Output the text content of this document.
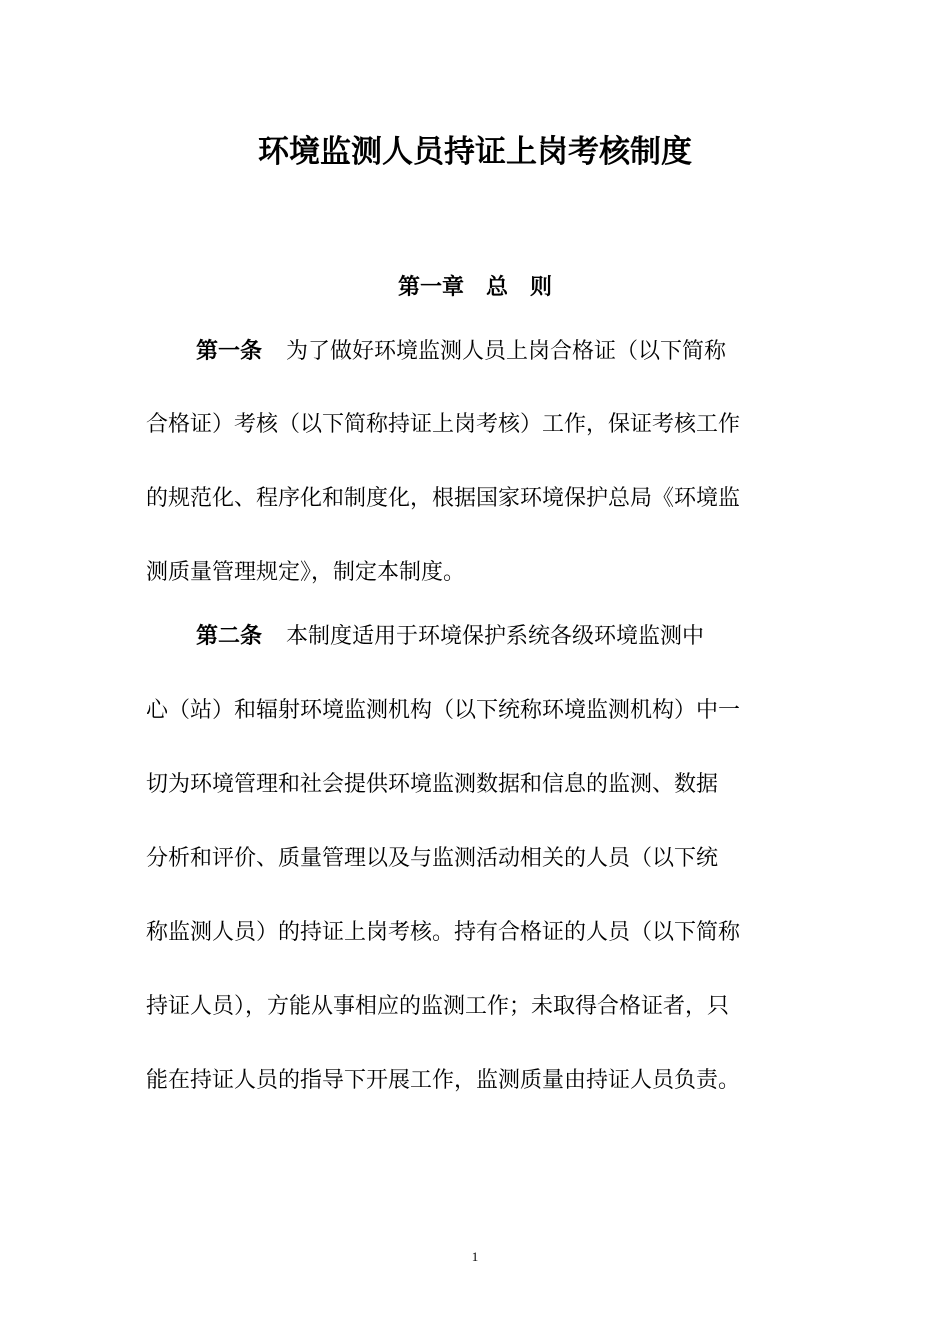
环境监测人员持证上岗考核制度
第一章　总　则
第一条 为了做好环境监测人员上岗合格证（以下简称
合格证）考核（以下简称持证上岗考核）工作，保证考核工作
的规范化、程序化和制度化，根据国家环境保护总局《环境监
测质量管理规定》，制定本制度。
第二条 本制度适用于环境保护系统各级环境监测中
心（站）和辐射环境监测机构（以下统称环境监测机构）中一
切为环境管理和社会提供环境监测数据和信息的监测、数据
分析和评价、质量管理以及与监测活动相关的人员（以下统
称监测人员）的持证上岗考核。持有合格证的人员（以下简称
持证人员），方能从事相应的监测工作；未取得合格证者，只
能在持证人员的指导下开展工作，监测质量由持证人员负责。
1
